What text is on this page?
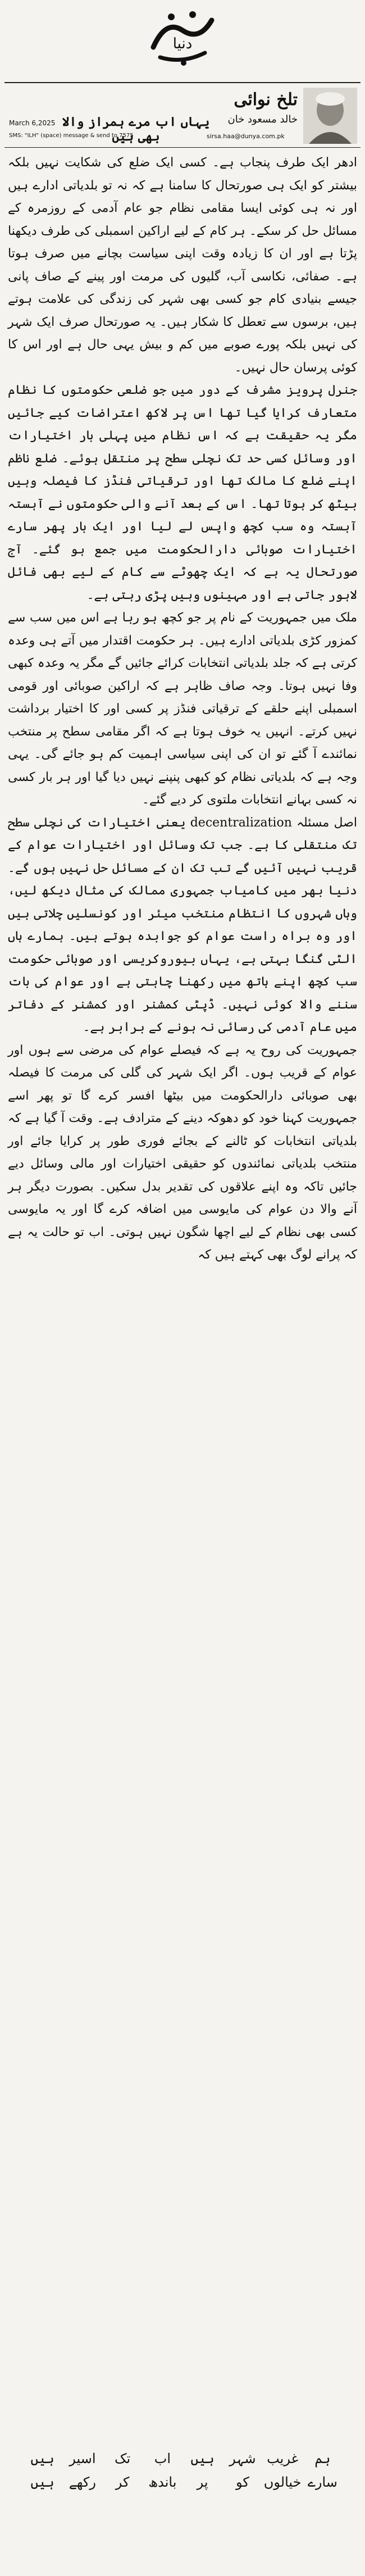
دنیا
تلخ نوائی
خالد مسعود خان
یہاں اب مرے ہمراز والا بھی ہیں
March 6,2025
sirsa.haa@dunya.com.pk
SMS: "ILH" (space) message & send to 7575

ادھر ایک طرف پنجاب ہے۔ کسی ایک ضلع کی شکایت نہیں بلکہ بیشتر کو ایک ہی صورتحال کا سامنا ہے کہ نہ تو بلدیاتی ادارے ہیں اور نہ ہی کوئی ایسا مقامی نظام جو عام آدمی کے روزمرہ کے مسائل حل کر سکے۔ ہر کام کے لیے اراکین اسمبلی کی طرف دیکھنا پڑتا ہے اور ان کا زیادہ وقت اپنی سیاست بچانے میں صرف ہوتا ہے۔ صفائی، نکاسی آب، گلیوں کی مرمت اور پینے کے صاف پانی جیسے بنیادی کام جو کسی بھی شہر کی زندگی کی علامت ہوتے ہیں، برسوں سے تعطل کا شکار ہیں۔ یہ صورتحال صرف ایک شہر کی نہیں بلکہ پورے صوبے میں کم و بیش یہی حال ہے اور اس کا کوئی پرسان حال نہیں۔

جنرل پرویز مشرف کے دور میں جو ضلعی حکومتوں کا نظام متعارف کرایا گیا تھا اس پر لاکھ اعتراضات کیے جائیں مگر یہ حقیقت ہے کہ اس نظام میں پہلی بار اختیارات اور وسائل کسی حد تک نچلی سطح پر منتقل ہوئے۔ ضلع ناظم اپنے ضلع کا مالک تھا اور ترقیاتی فنڈز کا فیصلہ وہیں بیٹھ کر ہوتا تھا۔ اس کے بعد آنے والی حکومتوں نے آہستہ آہستہ وہ سب کچھ واپس لے لیا اور ایک بار پھر سارے اختیارات صوبائی دارالحکومت میں جمع ہو گئے۔ آج صورتحال یہ ہے کہ ایک چھوٹے سے کام کے لیے بھی فائل لاہور جاتی ہے اور مہینوں وہیں پڑی رہتی ہے۔

ملک میں جمہوریت کے نام پر جو کچھ ہو رہا ہے اس میں سب سے کمزور کڑی بلدیاتی ادارے ہیں۔ ہر حکومت اقتدار میں آتے ہی وعدہ کرتی ہے کہ جلد بلدیاتی انتخابات کرائے جائیں گے مگر یہ وعدہ کبھی وفا نہیں ہوتا۔ وجہ صاف ظاہر ہے کہ اراکین صوبائی اور قومی اسمبلی اپنے حلقے کے ترقیاتی فنڈز پر کسی اور کا اختیار برداشت نہیں کرتے۔ انہیں یہ خوف ہوتا ہے کہ اگر مقامی سطح پر منتخب نمائندے آ گئے تو ان کی اپنی سیاسی اہمیت کم ہو جائے گی۔ یہی وجہ ہے کہ بلدیاتی نظام کو کبھی پنپنے نہیں دیا گیا اور ہر بار کسی نہ کسی بہانے انتخابات ملتوی کر دیے گئے۔

اصل مسئلہ decentralization یعنی اختیارات کی نچلی سطح تک منتقلی کا ہے۔ جب تک وسائل اور اختیارات عوام کے قریب نہیں آئیں گے تب تک ان کے مسائل حل نہیں ہوں گے۔ دنیا بھر میں کامیاب جمہوری ممالک کی مثال دیکھ لیں، وہاں شہروں کا انتظام منتخب میئر اور کونسلیں چلاتی ہیں اور وہ براہ راست عوام کو جوابدہ ہوتے ہیں۔ ہمارے ہاں الٹی گنگا بہتی ہے، یہاں بیوروکریسی اور صوبائی حکومت سب کچھ اپنے ہاتھ میں رکھنا چاہتی ہے اور عوام کی بات سننے والا کوئی نہیں۔ ڈپٹی کمشنر اور کمشنر کے دفاتر میں عام آدمی کی رسائی نہ ہونے کے برابر ہے۔

جمہوریت کی روح یہ ہے کہ فیصلے عوام کی مرضی سے ہوں اور عوام کے قریب ہوں۔ اگر ایک شہر کی گلی کی مرمت کا فیصلہ بھی صوبائی دارالحکومت میں بیٹھا افسر کرے گا تو پھر اسے جمہوریت کہنا خود کو دھوکہ دینے کے مترادف ہے۔ وقت آ گیا ہے کہ بلدیاتی انتخابات کو ٹالنے کے بجائے فوری طور پر کرایا جائے اور منتخب بلدیاتی نمائندوں کو حقیقی اختیارات اور مالی وسائل دیے جائیں تاکہ وہ اپنے علاقوں کی تقدیر بدل سکیں۔ بصورت دیگر ہر آنے والا دن عوام کی مایوسی میں اضافہ کرے گا اور یہ مایوسی کسی بھی نظام کے لیے اچھا شگون نہیں ہوتی۔ اب تو حالت یہ ہے کہ پرانے لوگ بھی کہتے ہیں کہ

ہم
غریب
شہر
ہیں
اب
تک
اسیر
ہیں
سارے
خیالوں
کو
پر
باندھ
کر
رکھے
ہیں
